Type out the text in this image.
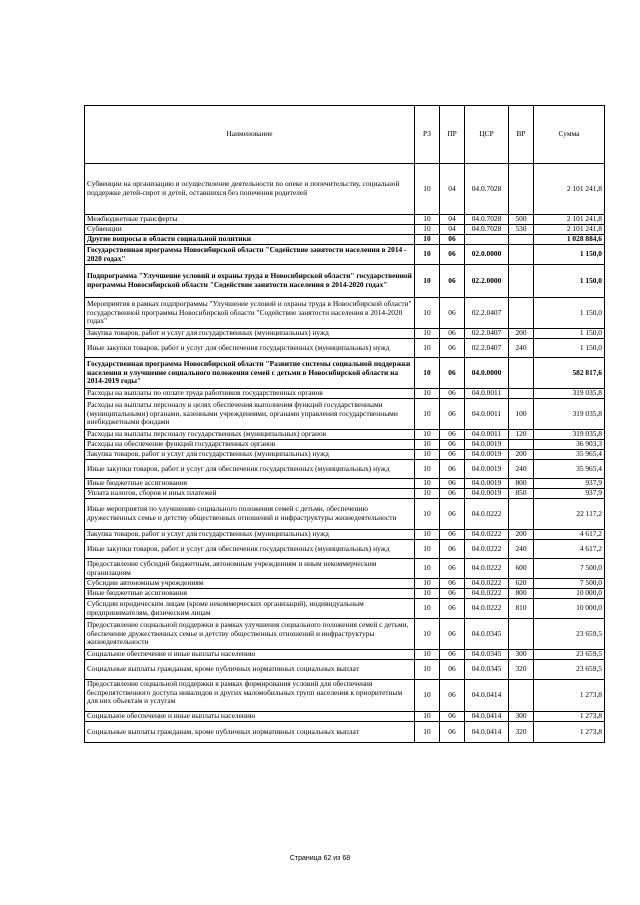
Наименование	РЗ	ПР	ЦСР	ВР	Сумма
Субвенции на организацию и осуществление деятельности по опеке и попечительству, социальной поддержке детей-сирот и детей, оставшихся без попечения родителей	10	04	04.0.7028		2 101 241,8
Межбюджетные трансферты	10	04	04.0.7028	500	2 101 241,8
Субвенции	10	04	04.0.7028	530	2 101 241,8
Другие вопросы в области социальной политики	10	06			1 028 884,6
Государственная программа Новосибирской области "Содействие занятости населения в 2014 - 2020 годах"	10	06	02.0.0000		1 150,0
Подпрограмма "Улучшение условий и охраны труда в Новосибирской области" государственной программы Новосибирской области "Содействие занятости населения в 2014-2020 годах"	10	06	02.2.0000		1 150,0
Мероприятия в рамках подпрограммы "Улучшение условий и охраны труда в Новосибирской области" государственной программы Новосибирской области "Содействие занятости населения в 2014-2020 годах"	10	06	02.2.0407		1 150,0
Закупка товаров, работ и услуг для государственных (муниципальных) нужд	10	06	02.2.0407	200	1 150,0
Иные закупки товаров, работ и услуг для обеспечения государственных (муниципальных) нужд	10	06	02.2.0407	240	1 150,0
Государственная программа Новосибирской области "Развитие системы социальной поддержки населения и улучшение социального положения семей с детьми в Новосибирской области на 2014-2019 годы"	10	06	04.0.0000		582 817,6
Расходы на выплаты по оплате труда работников государственных органов	10	06	04.0.0011		319 035,8
Расходы на выплаты персоналу в целях обеспечения выполнения функций государственными (муниципальными) органами, казенными учреждениями, органами управления государственными внебюджетными фондами	10	06	04.0.0011	100	319 035,8
Расходы на выплаты персоналу государственных (муниципальных) органов	10	06	04.0.0011	120	319 035,8
Расходы на обеспечение функций государственных органов	10	06	04.0.0019		36 903,3
Закупка товаров, работ и услуг для государственных (муниципальных) нужд	10	06	04.0.0019	200	35 965,4
Иные закупки товаров, работ и услуг для обеспечения государственных (муниципальных) нужд	10	06	04.0.0019	240	35 965,4
Иные бюджетные ассигнования	10	06	04.0.0019	800	937,9
Уплата налогов, сборов и иных платежей	10	06	04.0.0019	850	937,9
Иные мероприятия по улучшению социального положения семей с детьми, обеспечению дружественных семье и детству общественных отношений и инфраструктуры жизнедеятельности	10	06	04.0.0222		22 117,2
Закупка товаров, работ и услуг для государственных (муниципальных) нужд	10	06	04.0.0222	200	4 617,2
Иные закупки товаров, работ и услуг для обеспечения государственных (муниципальных) нужд	10	06	04.0.0222	240	4 617,2
Предоставление субсидий бюджетным, автономным учреждениям и иным некоммерческим организациям	10	06	04.0.0222	600	7 500,0
Субсидии автономным учреждениям	10	06	04.0.0222	620	7 500,0
Иные бюджетные ассигнования	10	06	04.0.0222	800	10 000,0
Субсидии юридическим лицам (кроме некоммерческих организаций), индивидуальным предпринимателям, физическим лицам	10	06	04.0.0222	810	10 000,0
Предоставление социальной поддержки в рамках улучшения социального положения семей с детьми, обеспечение дружественных семье и детству общественных отношений и инфраструктуры жизнедеятельности	10	06	04.0.0345		23 659,5
Социальное обеспечение и иные выплаты населению	10	06	04.0.0345	300	23 659,5
Социальные выплаты гражданам, кроме публичных нормативных социальных выплат	10	06	04.0.0345	320	23 659,5
Предоставление социальной поддержки в рамках формирования условий для обеспечения беспрепятственного доступа инвалидов и других маломобильных групп населения к приоритетным для них объектам и услугам	10	06	04.0.0414		1 273,8
Социальное обеспечение и иные выплаты населению	10	06	04.0.0414	300	1 273,8
Социальные выплаты гражданам, кроме публичных нормативных социальных выплат	10	06	04.0.0414	320	1 273,8
Страница 62 из 68
